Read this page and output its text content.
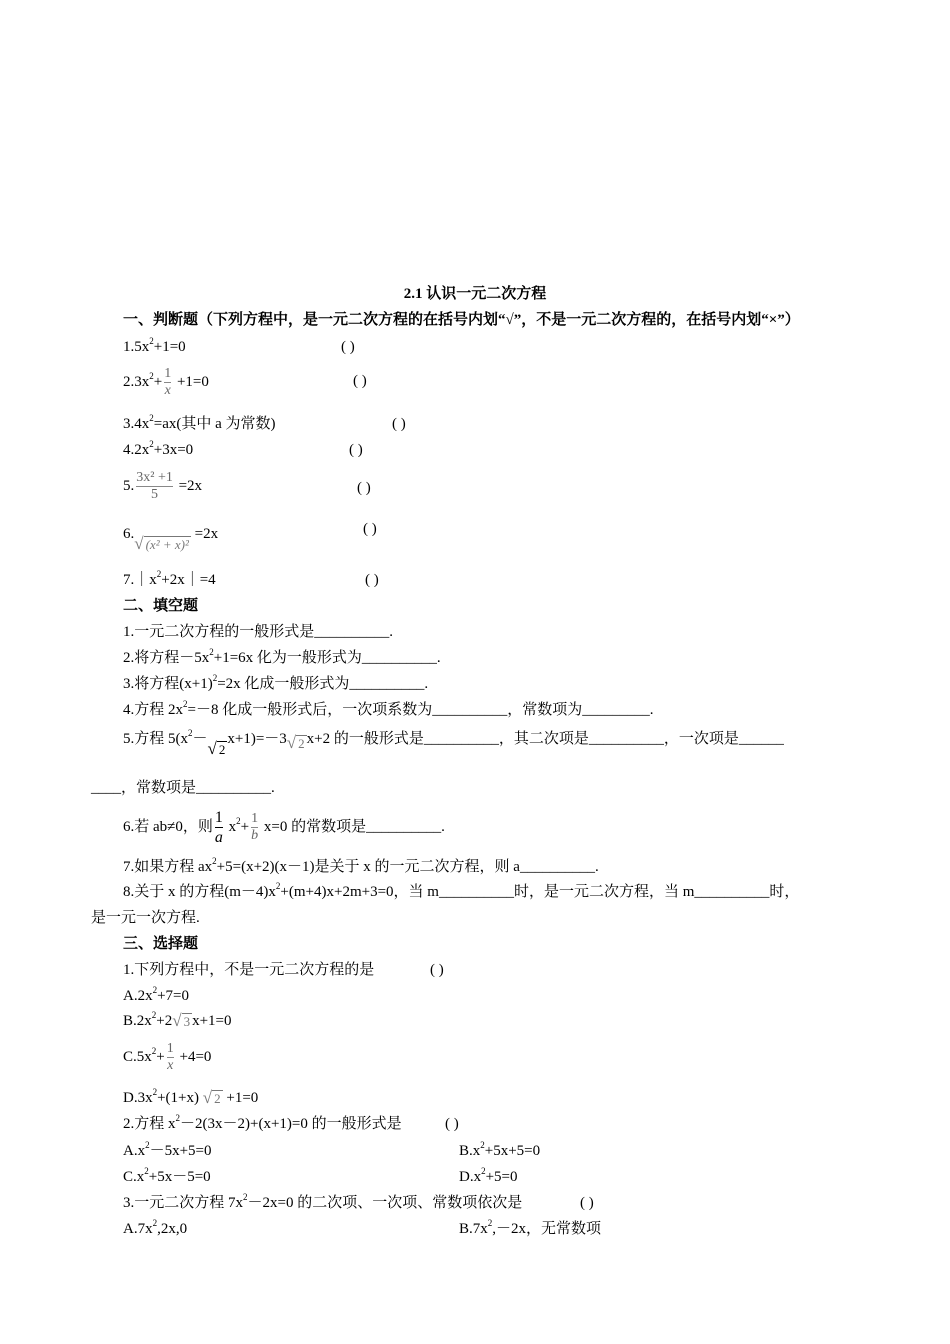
2.1 认识一元二次方程
一、判断题（下列方程中，是一元二次方程的在括号内划“√”，不是一元二次方程的，在括号内划“×”）
$1.5x^2+1=0$	( )
$2.3x^2+ \frac{1}{x} +1=0$	( )
$3.4x^2=ax$(其中 a 为常数)	( )
$4.2x^2+3x=0$	( )
5. $\frac{\text{3x² +1}}{5} =2x$	( )
6.√ (x² + x)² =2x	( )
$7.|x^2+2x|=4$	( )
二、填空题
1.一元二次方程的一般形式是__________.
2.将方程$-5x^2+1=6x$ 化为一般形式为__________.
3.将方程$(x+1)^2=2x$ 化成一般形式为__________.
4.方程 $2x^2=-8$ 化成一般形式后，一次项系数为__________，常数项为_________.
5.方程 $5(x^2-√$ 2x+1)=－3√ 2 x+2 的一般形式是__________，其二次项是__________，一次项是______
____，常数项是__________.
6.若 ab≠0，则 $\frac{1}{a} x^2+ \frac{1}{b} x=0$ 的常数项是__________.
7.如果方程 $ax^2+5=(x+2)(x-1)$是关于 x 的一元二次方程，则 a__________.
8.关于 x 的方程$(m-4)x^2+(m+4)x+2m+3=0$，当 m__________时，是一元二次方程，当 m__________时，
是一元一次方程.
三、选择题
1.下列方程中，不是一元二次方程的是	( )
$A.2x^2+7=0$
$B.2x^2+2√$ 3 x+1=0
$C.5x^2+ \frac{1}{x} +4=0$
$D.3x^2+(1+x)$ √ 2 +1=0
2.方程 $x^2-2(3x-2)+(x+1)=0$ 的一般形式是	( )
$A.x^2-5x+5=0$	$B.x^2+5x+5=0$
$C.x^2+5x-5=0$	$D.x^2+5=0$
3.一元二次方程 $7x^2-2x=0$ 的二次项、一次项、常数项依次是	( )
$A.7x^2,2x,0$	$B.7x^2,-2x$，无常数项
